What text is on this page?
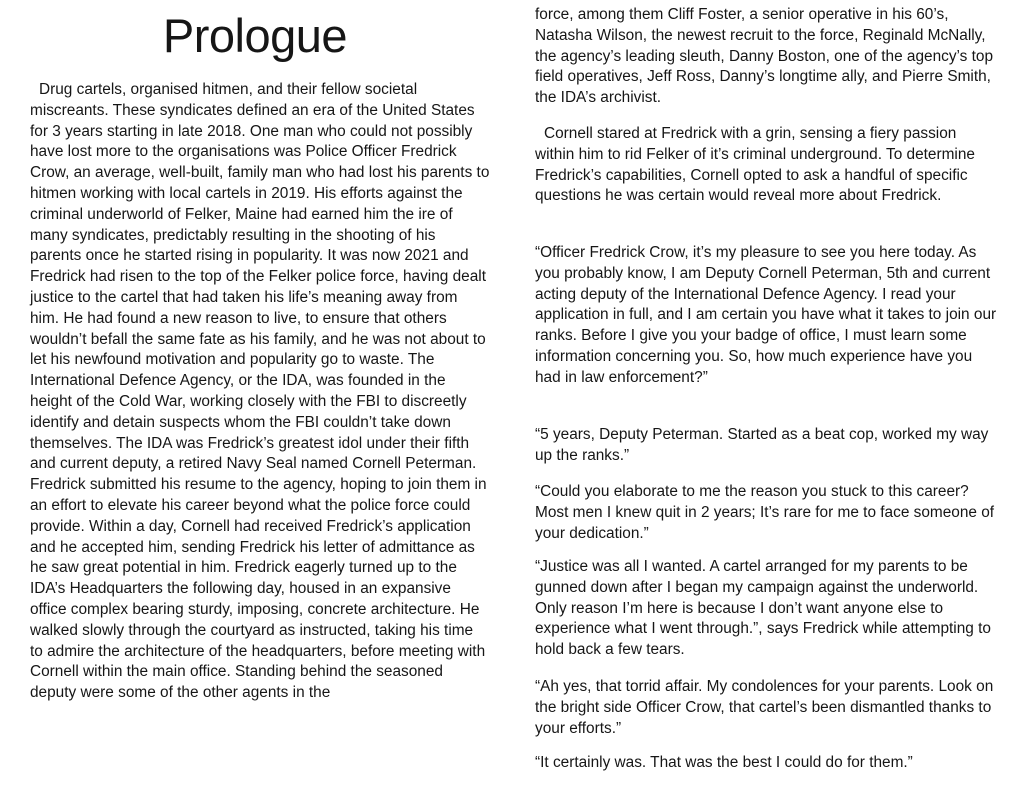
Prologue

Drug cartels, organised hitmen, and their fellow societal miscreants. These syndicates defined an era of the United States for 3 years starting in late 2018. One man who could not possibly have lost more to the organisations was Police Officer Fredrick Crow, an average, well-built, family man who had lost his parents to hitmen working with local cartels in 2019. His efforts against the criminal underworld of Felker, Maine had earned him the ire of many syndicates, predictably resulting in the shooting of his parents once he started rising in popularity. It was now 2021 and Fredrick had risen to the top of the Felker police force, having dealt justice to the cartel that had taken his life’s meaning away from him. He had found a new reason to live, to ensure that others wouldn’t befall the same fate as his family, and he was not about to let his newfound motivation and popularity go to waste. The International Defence Agency, or the IDA, was founded in the height of the Cold War, working closely with the FBI to discreetly identify and detain suspects whom the FBI couldn’t take down themselves. The IDA was Fredrick’s greatest idol under their fifth and current deputy, a retired Navy Seal named Cornell Peterman. Fredrick submitted his resume to the agency, hoping to join them in an effort to elevate his career beyond what the police force could provide. Within a day, Cornell had received Fredrick’s application and he accepted him, sending Fredrick his letter of admittance as he saw great potential in him. Fredrick eagerly turned up to the IDA’s Headquarters the following day, housed in an expansive office complex bearing sturdy, imposing, concrete architecture. He walked slowly through the courtyard as instructed, taking his time to admire the architecture of the headquarters, before meeting with Cornell within the main office. Standing behind the seasoned deputy were some of the other agents in the

force, among them Cliff Foster, a senior operative in his 60’s, Natasha Wilson, the newest recruit to the force, Reginald McNally, the agency’s leading sleuth, Danny Boston, one of the agency’s top field operatives, Jeff Ross, Danny’s longtime ally, and Pierre Smith, the IDA’s archivist.

Cornell stared at Fredrick with a grin, sensing a fiery passion within him to rid Felker of it’s criminal underground. To determine Fredrick’s capabilities, Cornell opted to ask a handful of specific questions he was certain would reveal more about Fredrick.

“Officer Fredrick Crow, it’s my pleasure to see you here today. As you probably know, I am Deputy Cornell Peterman, 5th and current acting deputy of the International Defence Agency. I read your application in full, and I am certain you have what it takes to join our ranks. Before I give you your badge of office, I must learn some information concerning you. So, how much experience have you had in law enforcement?”

“5 years, Deputy Peterman. Started as a beat cop, worked my way up the ranks.”

“Could you elaborate to me the reason you stuck to this career? Most men I knew quit in 2 years; It’s rare for me to face someone of your dedication.”

“Justice was all I wanted. A cartel arranged for my parents to be gunned down after I began my campaign against the underworld. Only reason I’m here is because I don’t want anyone else to experience what I went through.”, says Fredrick while attempting to hold back a few tears.

“Ah yes, that torrid affair. My condolences for your parents. Look on the bright side Officer Crow, that cartel’s been dismantled thanks to your efforts.”

“It certainly was. That was the best I could do for them.”
